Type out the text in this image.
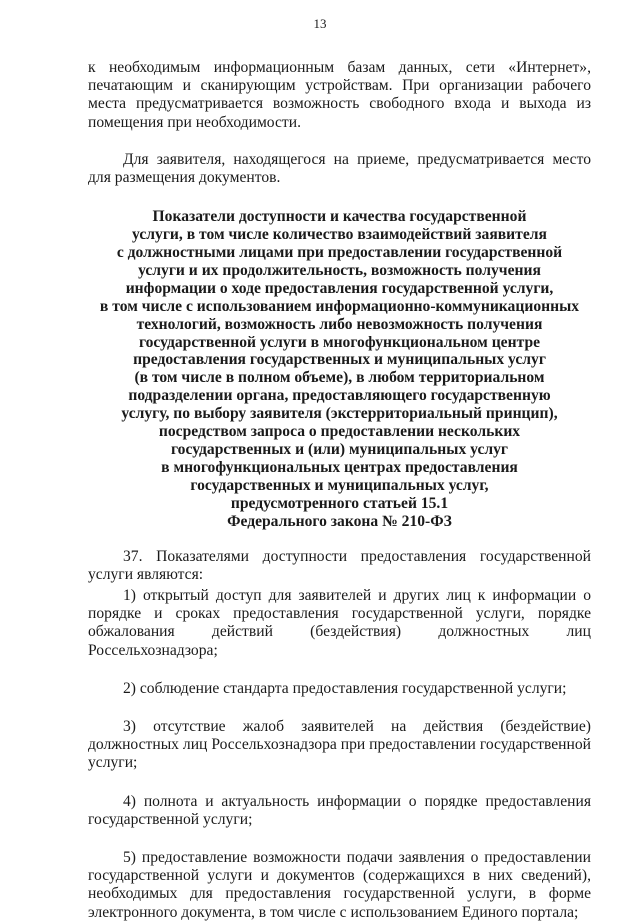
13

к необходимым информационным базам данных, сети «Интернет», печатающим и сканирующим устройствам. При организации рабочего места предусматривается возможность свободного входа и выхода из помещения при необходимости.

Для заявителя, находящегося на приеме, предусматривается место для размещения документов.

Показатели доступности и качества государственной
услуги, в том числе количество взаимодействий заявителя
с должностными лицами при предоставлении государственной
услуги и их продолжительность, возможность получения
информации о ходе предоставления государственной услуги,
в том числе с использованием информационно-коммуникационных
технологий, возможность либо невозможность получения
государственной услуги в многофункциональном центре
предоставления государственных и муниципальных услуг
(в том числе в полном объеме), в любом территориальном
подразделении органа, предоставляющего государственную
услугу, по выбору заявителя (экстерриториальный принцип),
посредством запроса о предоставлении нескольких
государственных и (или) муниципальных услуг
в многофункциональных центрах предоставления
государственных и муниципальных услуг,
предусмотренного статьей 15.1
Федерального закона № 210-ФЗ

37. Показателями доступности предоставления государственной услуги являются:

1) открытый доступ для заявителей и других лиц к информации о порядке и сроках предоставления государственной услуги, порядке обжалования действий (бездействия) должностных лиц Россельхознадзора;

2) соблюдение стандарта предоставления государственной услуги;

3) отсутствие жалоб заявителей на действия (бездействие) должностных лиц Россельхознадзора при предоставлении государственной услуги;

4) полнота и актуальность информации о порядке предоставления государственной услуги;

5) предоставление возможности подачи заявления о предоставлении государственной услуги и документов (содержащихся в них сведений), необходимых для предоставления государственной услуги, в форме электронного документа, в том числе с использованием Единого портала;
